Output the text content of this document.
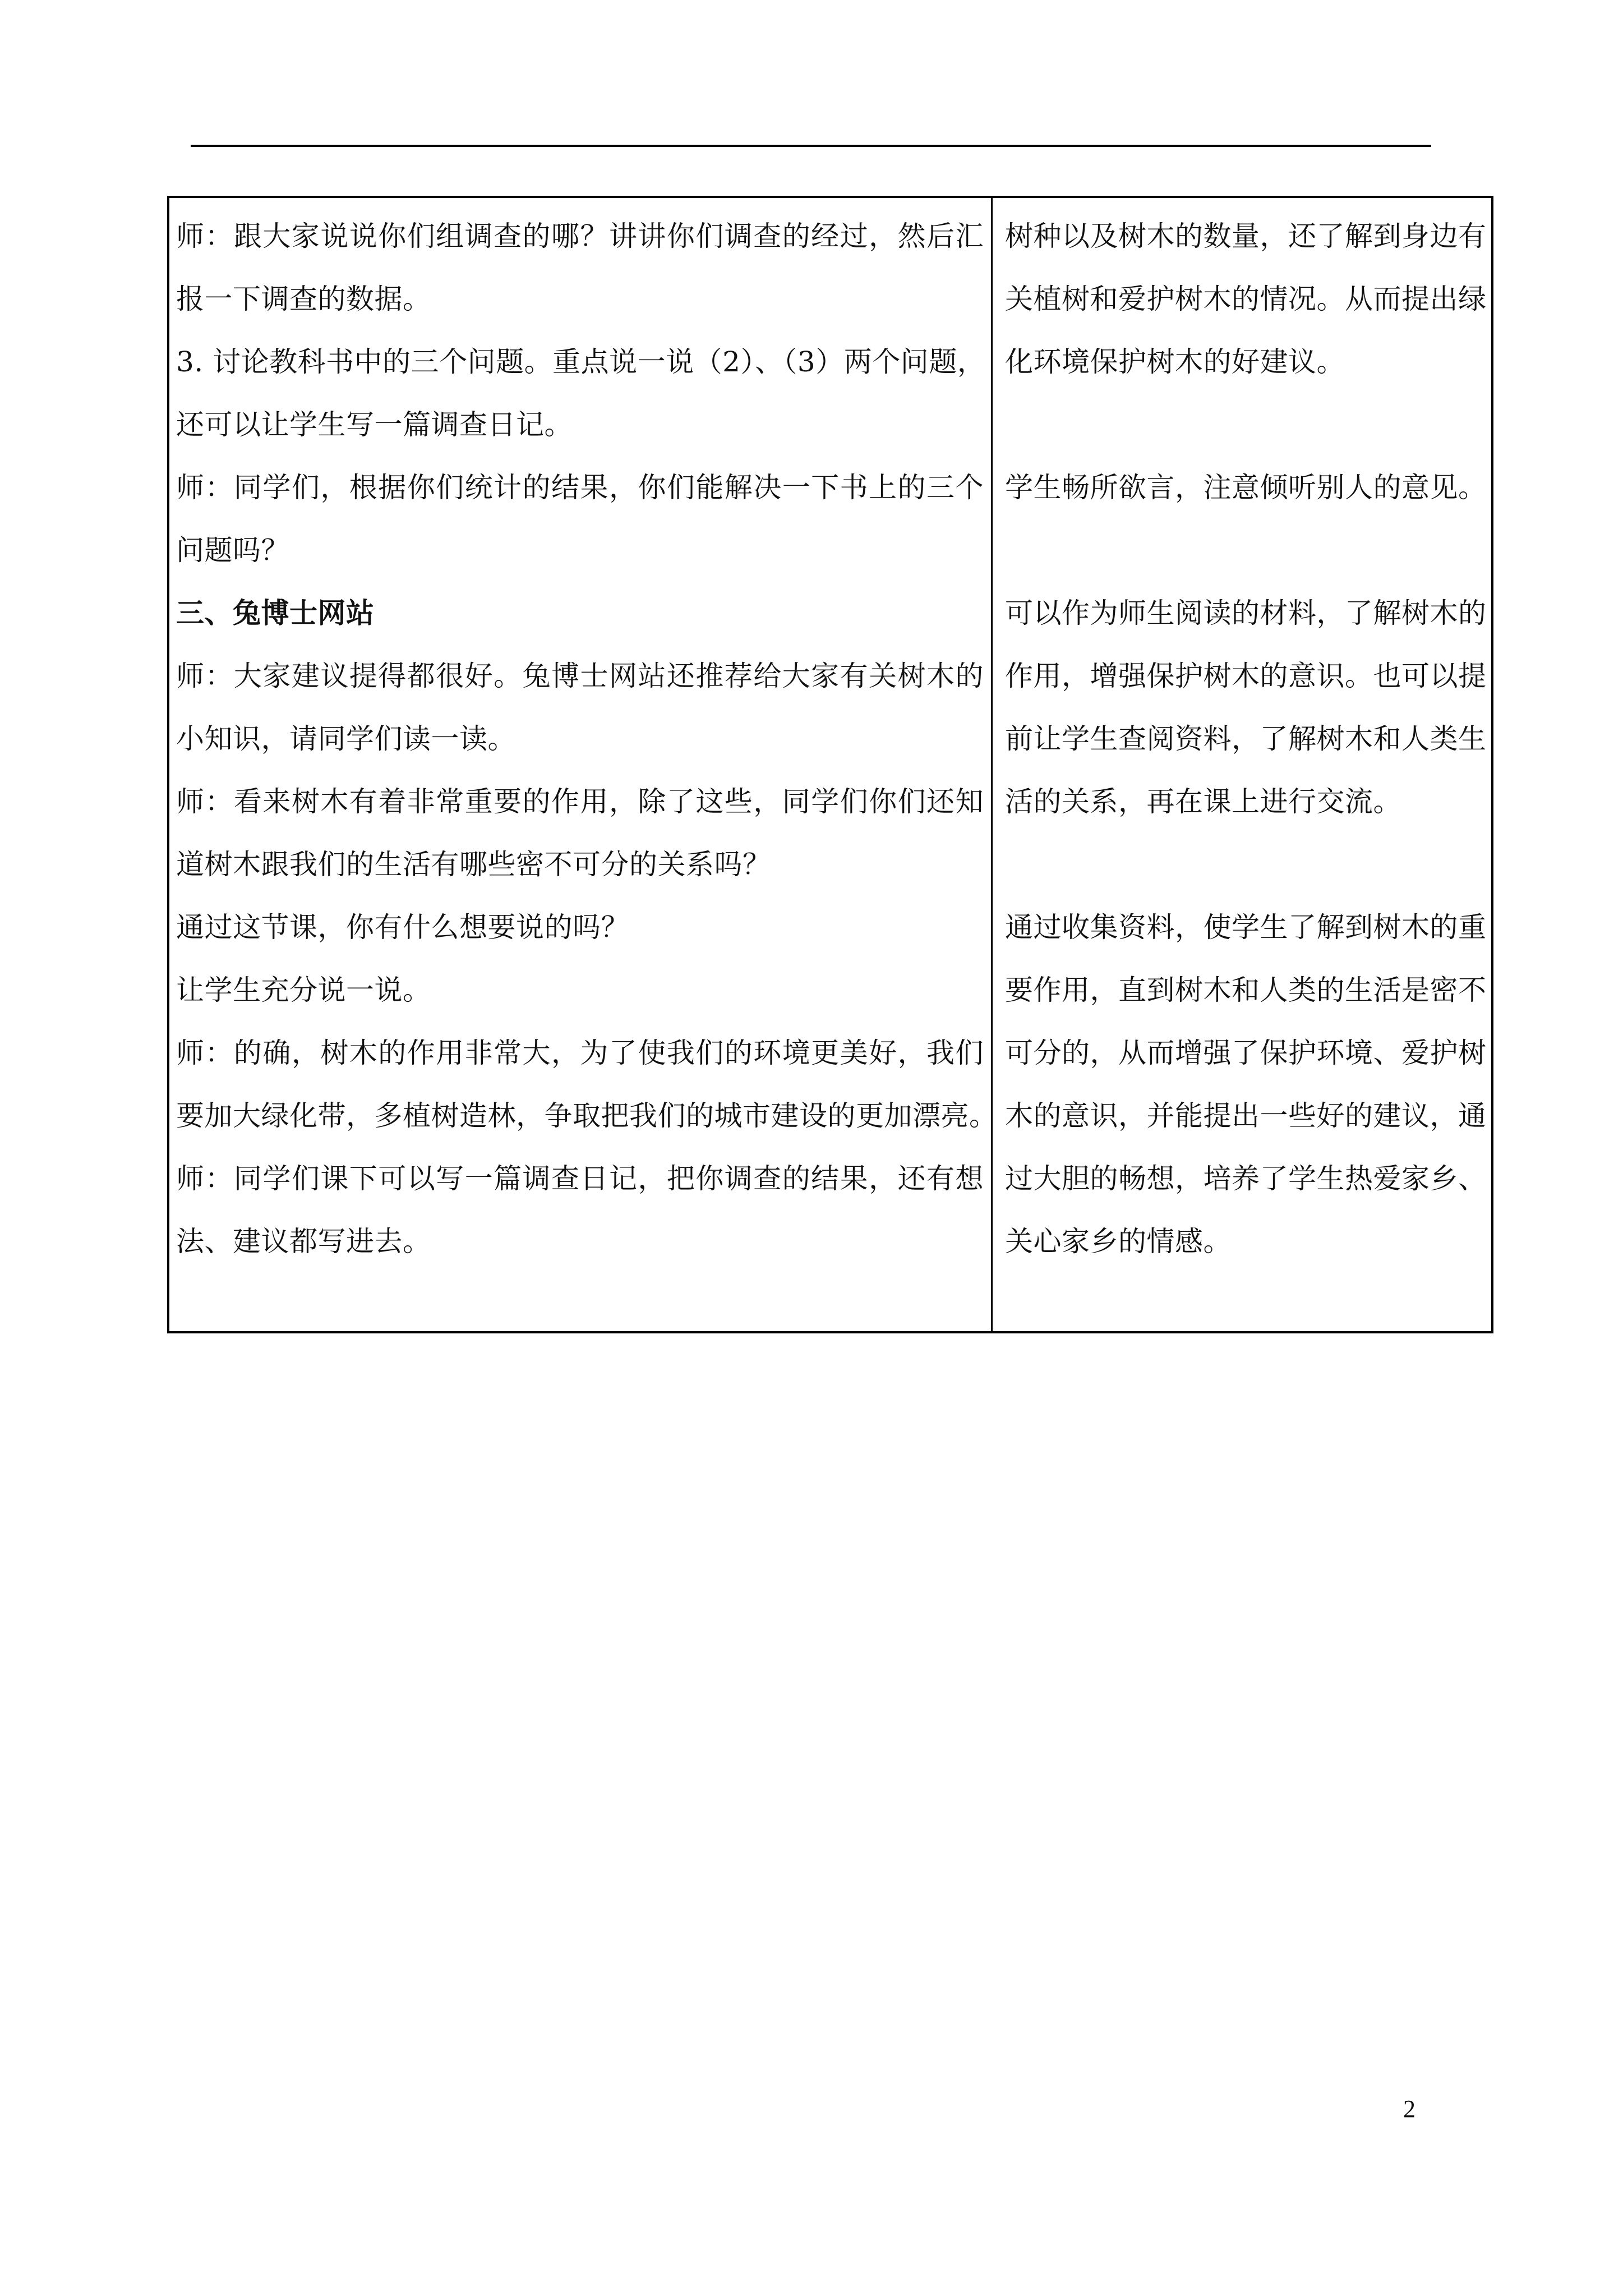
师：跟大家说说你们组调查的哪？讲讲你们调查的经过，然后汇
报一下调查的数据。
3. 讨论教科书中的三个问题。重点说一说（2）、（3）两个问题，
还可以让学生写一篇调查日记。
师：同学们，根据你们统计的结果，你们能解决一下书上的三个
问题吗？
三、兔博士网站
师：大家建议提得都很好。兔博士网站还推荐给大家有关树木的
小知识，请同学们读一读。
师：看来树木有着非常重要的作用，除了这些，同学们你们还知
道树木跟我们的生活有哪些密不可分的关系吗？
通过这节课，你有什么想要说的吗？
让学生充分说一说。
师：的确，树木的作用非常大，为了使我们的环境更美好，我们
要加大绿化带，多植树造林，争取把我们的城市建设的更加漂亮。
师：同学们课下可以写一篇调查日记，把你调查的结果，还有想
法、建议都写进去。
树种以及树木的数量，还了解到身边有
关植树和爱护树木的情况。从而提出绿
化环境保护树木的好建议。
学生畅所欲言，注意倾听别人的意见。
可以作为师生阅读的材料，了解树木的
作用，增强保护树木的意识。也可以提
前让学生查阅资料，了解树木和人类生
活的关系，再在课上进行交流。
通过收集资料，使学生了解到树木的重
要作用，直到树木和人类的生活是密不
可分的，从而增强了保护环境、爱护树
木的意识，并能提出一些好的建议，通
过大胆的畅想，培养了学生热爱家乡、
关心家乡的情感。
2
